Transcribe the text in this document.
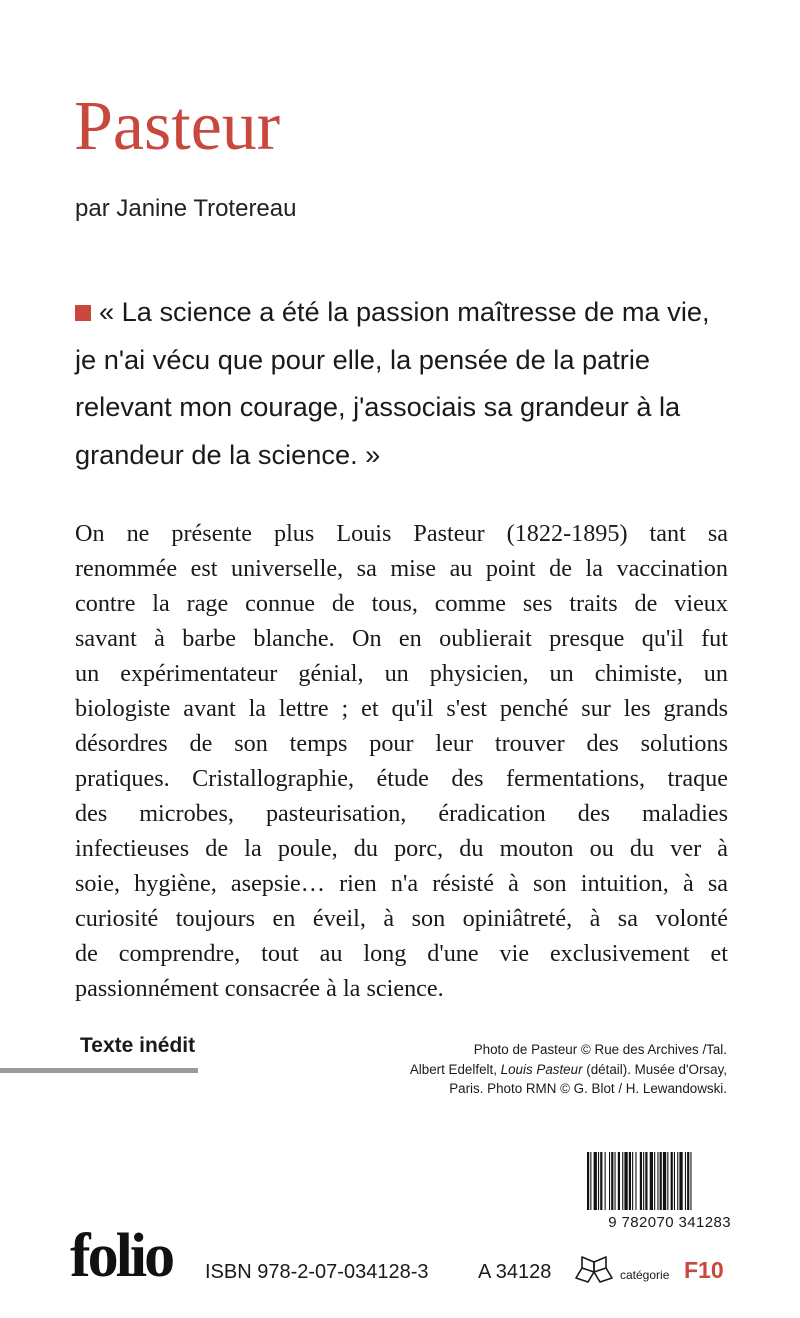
Pasteur
par Janine Trotereau
« La science a été la passion maîtresse de ma vie, je n'ai vécu que pour elle, la pensée de la patrie relevant mon courage, j'associais sa grandeur à la grandeur de la science. »
On ne présente plus Louis Pasteur (1822-1895) tant sa
renommée est universelle, sa mise au point de la vaccination
contre la rage connue de tous, comme ses traits de vieux
savant à barbe blanche. On en oublierait presque qu'il fut
un expérimentateur génial, un physicien, un chimiste, un
biologiste avant la lettre ; et qu'il s'est penché sur les grands
désordres de son temps pour leur trouver des solutions
pratiques. Cristallographie, étude des fermentations, traque
des microbes, pasteurisation, éradication des maladies
infectieuses de la poule, du porc, du mouton ou du ver à
soie, hygiène, asepsie… rien n'a résisté à son intuition, à sa
curiosité toujours en éveil, à son opiniâtreté, à sa volonté
de comprendre, tout au long d'une vie exclusivement et
passionnément consacrée à la science.
Texte inédit	Photo de Pasteur © Rue des Archives /Tal.
Albert Edelfelt, Louis Pasteur (détail). Musée d'Orsay,
Paris. Photo RMN © G. Blot / H. Lewandowski.
9 782070 341283
folio ISBN 978-2-07-034128-3 A 34128	catégorie F10
